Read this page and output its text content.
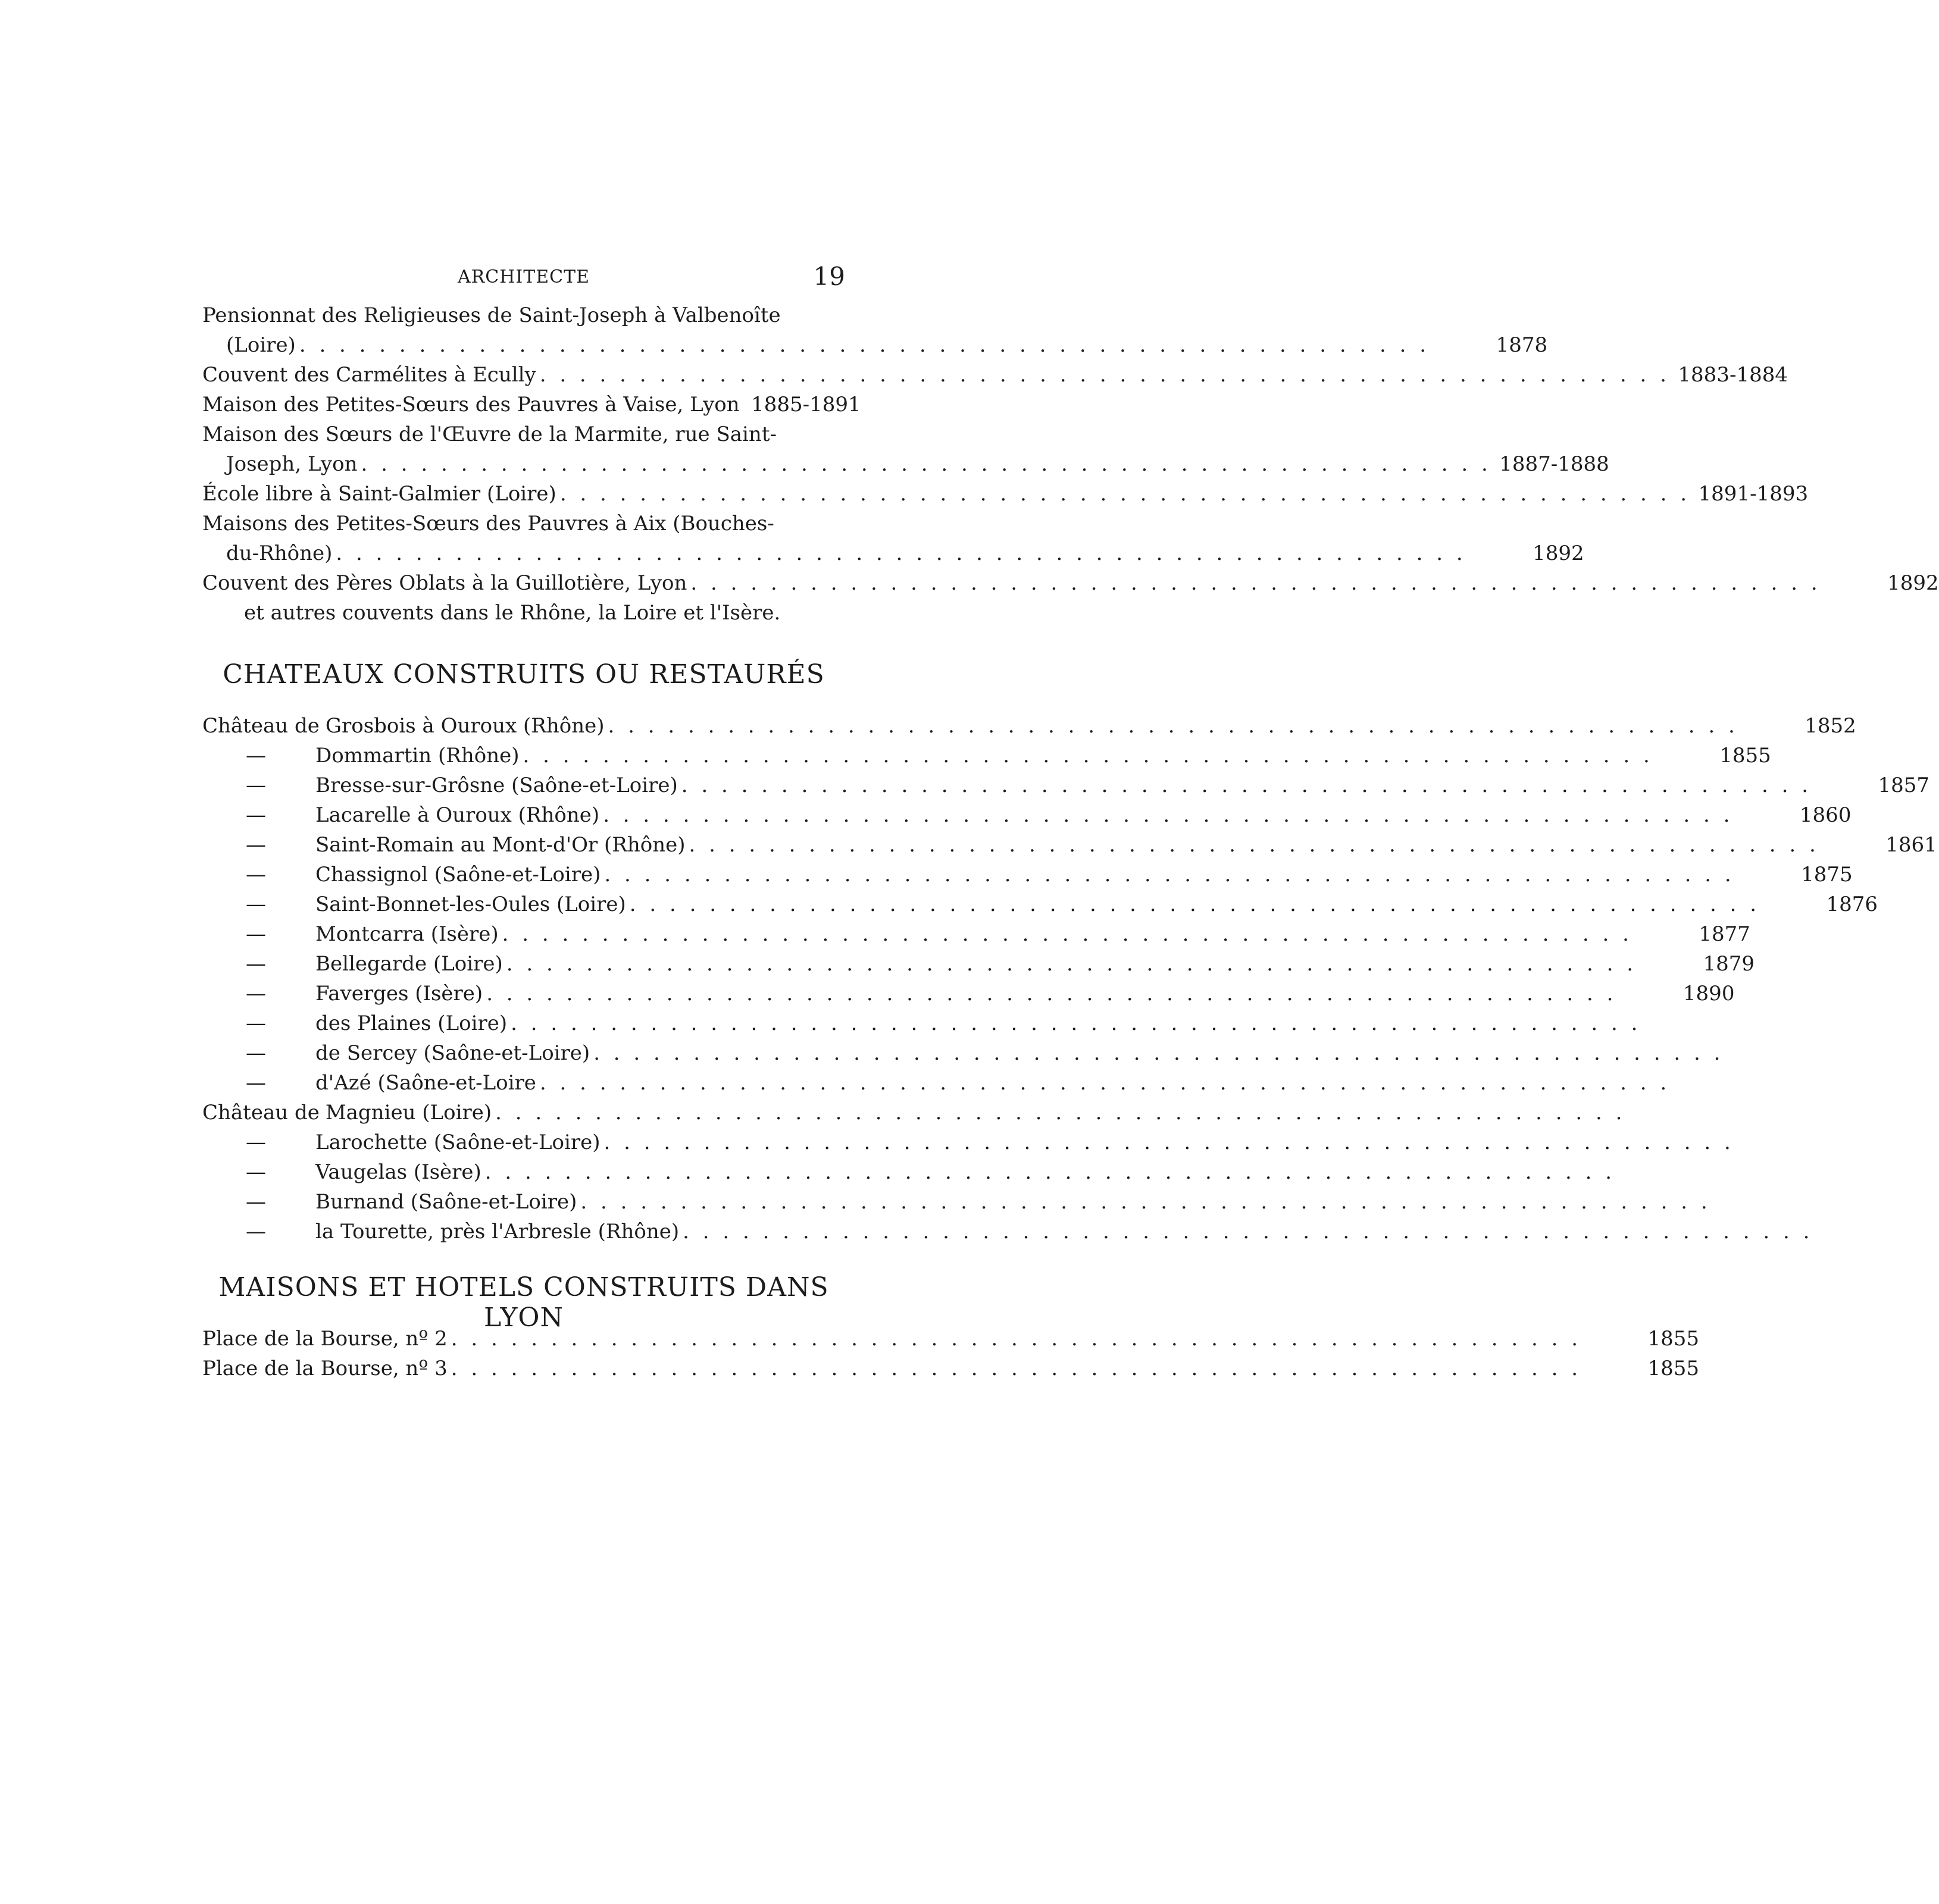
ARCHITECTE	19
Pensionnat des Religieuses de Saint-Joseph à Valbenoîte
(Loire) . . .	1878
Couvent des Carmélites à Ecully . . .	1883-1884
Maison des Petites-Sœurs des Pauvres à Vaise, Lyon 1885-1891
Maison des Sœurs de l'Œuvre de la Marmite, rue Saint-
Joseph, Lyon . . .	1887-1888
École libre à Saint-Galmier (Loire) . . .	1891-1893
Maisons des Petites-Sœurs des Pauvres à Aix (Bouches-
du-Rhône) . . .	1892
Couvent des Pères Oblats à la Guillotière, Lyon . . .	1892
et autres couvents dans le Rhône, la Loire et l'Isère.
CHATEAUX CONSTRUITS OU RESTAURÉS
Château de Grosbois à Ouroux (Rhône) . . .	1852
—	Dommartin (Rhône) . . .	1855
—	Bresse-sur-Grôsne (Saône-et-Loire) . . .	1857
—	Lacarelle à Ouroux (Rhône) . . .	1860
—	Saint-Romain au Mont-d'Or (Rhône) . . .	1861
—	Chassignol (Saône-et-Loire) . . .	1875
—	Saint-Bonnet-les-Oules (Loire) . . .	1876
—	Montcarra (Isère) . . .	1877
—	Bellegarde (Loire) . . .	1879
—	Faverges (Isère) . . .	1890
—	des Plaines (Loire)
. . .
—	de Sercey (Saône-et-Loire)
. . .
—	d'Azé (Saône-et-Loire
. . .
Château de Magnieu (Loire)
. . .
—	Larochette (Saône-et-Loire)
. . .
—	Vaugelas (Isère)
. . .
—	Burnand (Saône-et-Loire)
. . .
—	la Tourette, près l'Arbresle (Rhône)
. . .
MAISONS ET HOTELS CONSTRUITS DANS LYON
Place de la Bourse, nº 2 . . .	1855
Place de la Bourse, nº 3 . . .	1855
